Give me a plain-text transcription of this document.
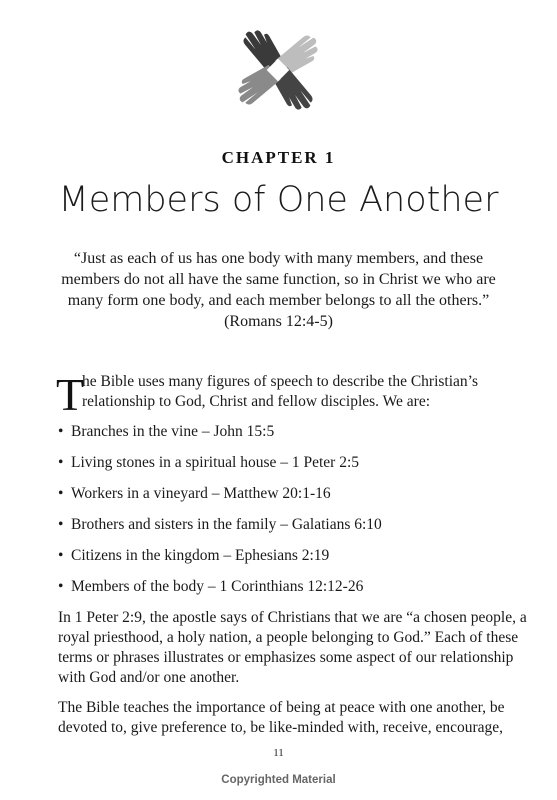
CHAPTER 1
Members of One Another
“Just as each of us has one body with many members, and these
members do not all have the same function, so in Christ we who are
many form one body, and each member belongs to all the others.”
(Romans 12:4-5)

T
he Bible uses many figures of speech to describe the Christian’s
relationship to God, Christ and fellow disciples. We are:

• Branches in the vine – John 15:5
• Living stones in a spiritual house – 1 Peter 2:5
• Workers in a vineyard – Matthew 20:1-16
• Brothers and sisters in the family – Galatians 6:10
• Citizens in the kingdom – Ephesians 2:19
• Members of the body – 1 Corinthians 12:12-26

In 1 Peter 2:9, the apostle says of Christians that we are “a chosen people, a
royal priesthood, a holy nation, a people belonging to God.” Each of these
terms or phrases illustrates or emphasizes some aspect of our relationship
with God and/or one another.

The Bible teaches the importance of being at peace with one another, be
devoted to, give preference to, be like-minded with, receive, encourage,

11
Copyrighted Material
